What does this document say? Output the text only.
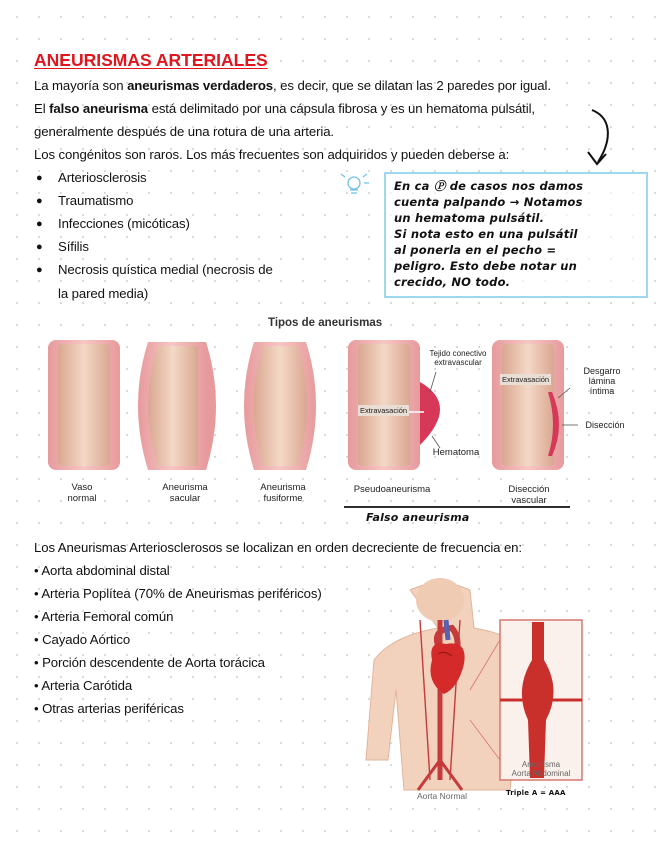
ANEURISMAS ARTERIALES
La mayoría son aneurismas verdaderos, es decir, que se dilatan las 2 paredes por igual.
El falso aneurisma está delimitado por una cápsula fibrosa y es un hematoma pulsátil,
generalmente después de una rotura de una arteria.
Los congénitos son raros. Los más frecuentes son adquiridos y pueden deberse a:
● Arteriosclerosis
● Traumatismo
● Infecciones (micóticas)
● Sífilis
● Necrosis quística medial (necrosis de
la pared media)
En ca Ⓟ de casos nos damos
cuenta palpando → Notamos
un hematoma pulsátil.
Si nota esto en una pulsátil
al ponerla en el pecho =
peligro. Esto debe notar un
crecido, NO todo.
Tipos de aneurismas
Vaso
normal
Aneurisma
sacular
Aneurisma
fusiforme
Pseudoaneurisma	Disección
vascular
Tejido conectivo
extravascular
Extravasación
Hematoma
Extravasación
Desgarro
lámina
íntima
Disección
Falso aneurisma
Los Aneurismas Arteriosclerosos se localizan en orden decreciente de frecuencia en:
• Aorta abdominal distal
• Arteria Poplítea (70% de Aneurismas periféricos)
• Arteria Femoral común
• Cayado Aórtico
• Porción descendente de Aorta torácica
• Arteria Carótida
• Otras arterias periféricas
Aorta Normal
Aneurisma
Aorta Abdominal
Triple A = AAA
